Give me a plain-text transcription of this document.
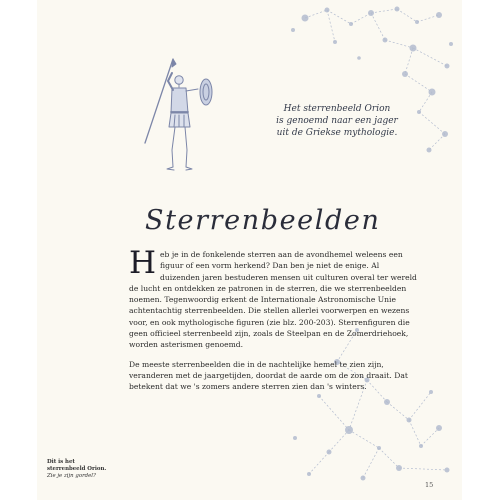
Het sterrenbeeld Orion
is genoemd naar een jager
uit de Griekse mythologie.
Sterrenbeelden

Heb je in de fonkelende sterren aan de avondhemel weleens een figuur of een vorm herkend? Dan ben je niet de enige. Al duizenden jaren bestuderen mensen uit culturen overal ter wereld de lucht en ontdekken ze patronen in de sterren, die we sterrenbeelden noemen. Tegenwoordig erkent de Internationale Astronomische Unie achtentachtig sterrenbeelden. Die stellen allerlei voorwerpen en wezens voor, en ook mythologische figuren (zie blz. 200-203). Sterrenfiguren die geen officieel sterrenbeeld zijn, zoals de Steelpan en de Zomerdriehoek, worden asterismen genoemd.

De meeste sterrenbeelden die in de nachtelijke hemel te zien zijn, veranderen met de jaargetijden, doordat de aarde om de zon draait. Dat betekent dat we 's zomers andere sterren zien dan 's winters.

Dit is het
sterrenbeeld Orion.
Zie je zijn gordel?
15
